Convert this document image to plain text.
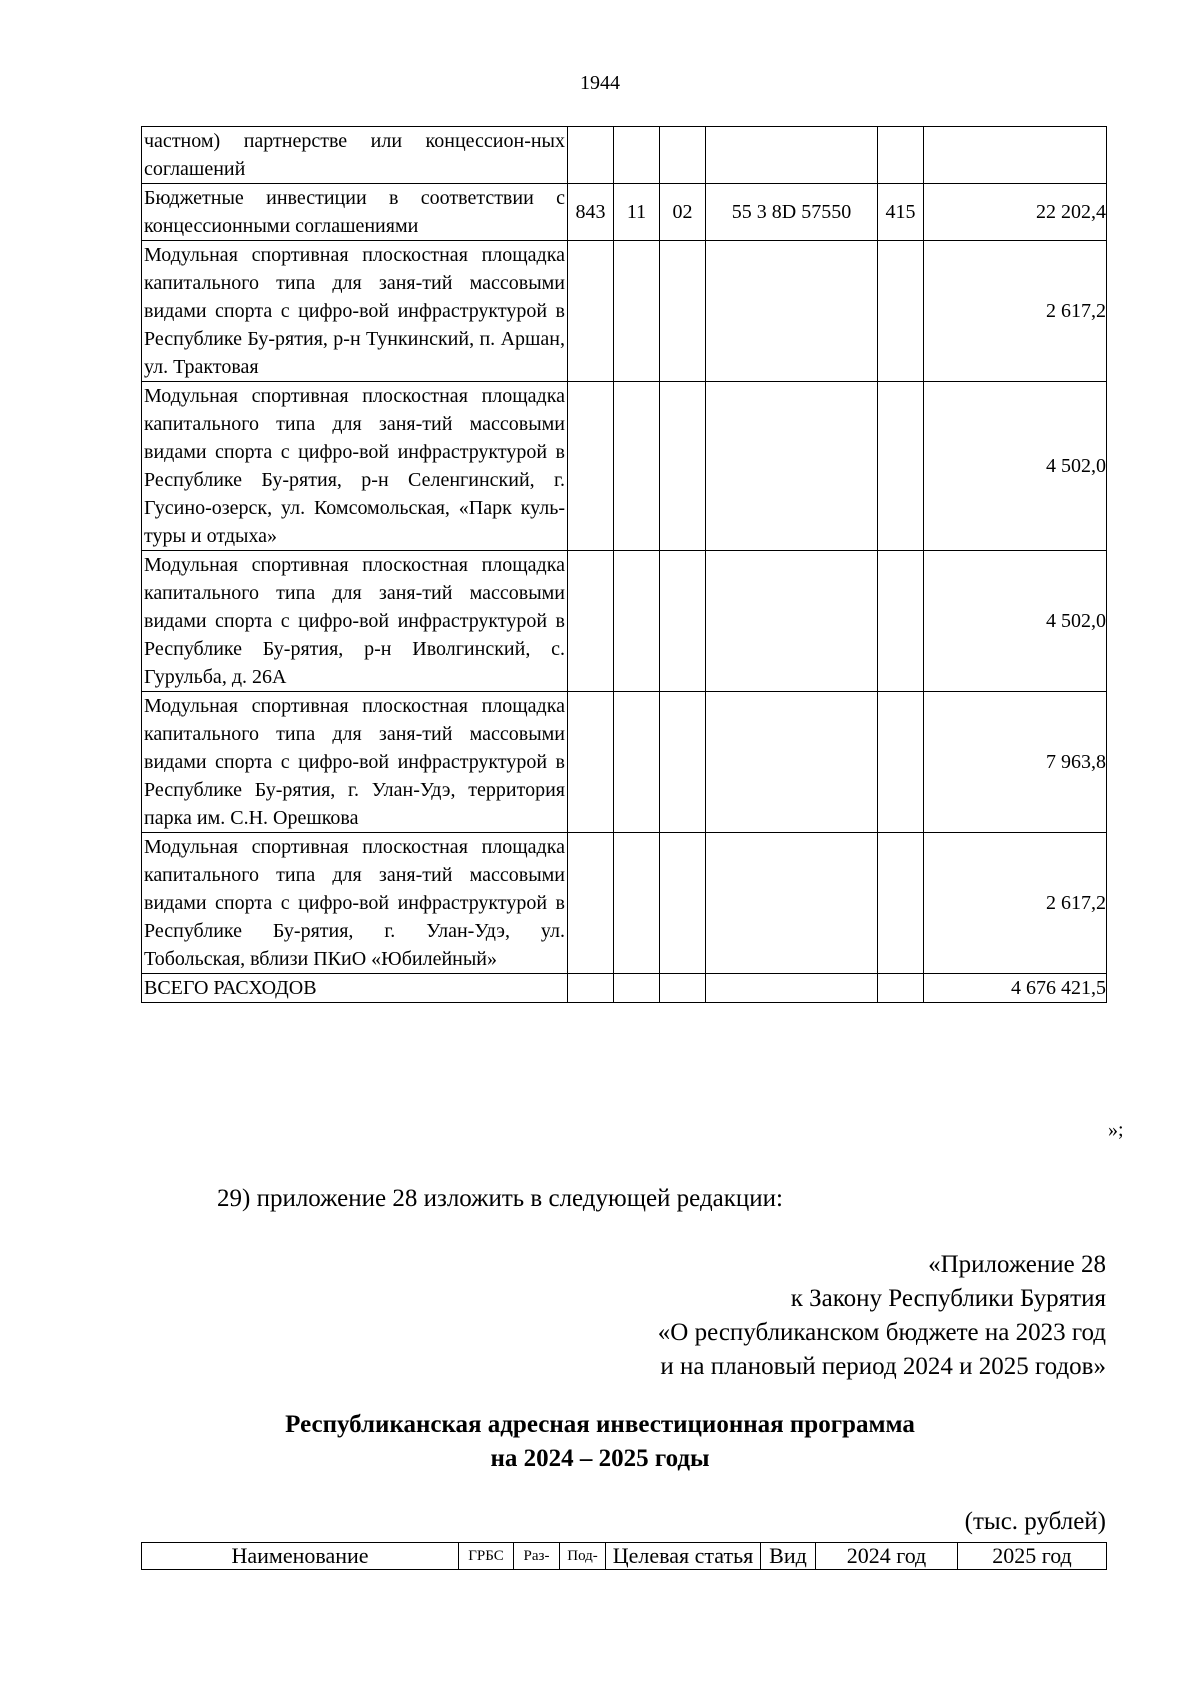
1944
частном) партнерстве или концессион-ных соглашений						
Бюджетные инвестиции в соответствии с концессионными соглашениями	843	11	02	55 3 8D 57550	415	22 202,4
Модульная спортивная плоскостная площадка капитального типа для заня-тий массовыми видами спорта с цифро-вой инфраструктурой в Республике Бу-рятия, р-н Тункинский, п. Аршан, ул. Трактовая						2 617,2
Модульная спортивная плоскостная площадка капитального типа для заня-тий массовыми видами спорта с цифро-вой инфраструктурой в Республике Бу-рятия, р-н Селенгинский, г. Гусино-озерск, ул. Комсомольская, «Парк куль-туры и отдыха»						4 502,0
Модульная спортивная плоскостная площадка капитального типа для заня-тий массовыми видами спорта с цифро-вой инфраструктурой в Республике Бу-рятия, р-н Иволгинский, с. Гурульба, д. 26А						4 502,0
Модульная спортивная плоскостная площадка капитального типа для заня-тий массовыми видами спорта с цифро-вой инфраструктурой в Республике Бу-рятия, г. Улан-Удэ, территория парка им. С.Н. Орешкова						7 963,8
Модульная спортивная плоскостная площадка капитального типа для заня-тий массовыми видами спорта с цифро-вой инфраструктурой в Республике Бу-рятия, г. Улан-Удэ, ул. Тобольская, вблизи ПКиО «Юбилейный»						2 617,2
ВСЕГО РАСХОДОВ						4 676 421,5
»;
29) приложение 28 изложить в следующей редакции:
«Приложение 28
к Закону Республики Бурятия
«О республиканском бюджете на 2023 год
и на плановый период 2024 и 2025 годов»
Республиканская адресная инвестиционная программа
на 2024 – 2025 годы
(тыс. рублей)
Наименование	ГРБС	Раз-	Под-	Целевая статья	Вид	2024 год	2025 год
